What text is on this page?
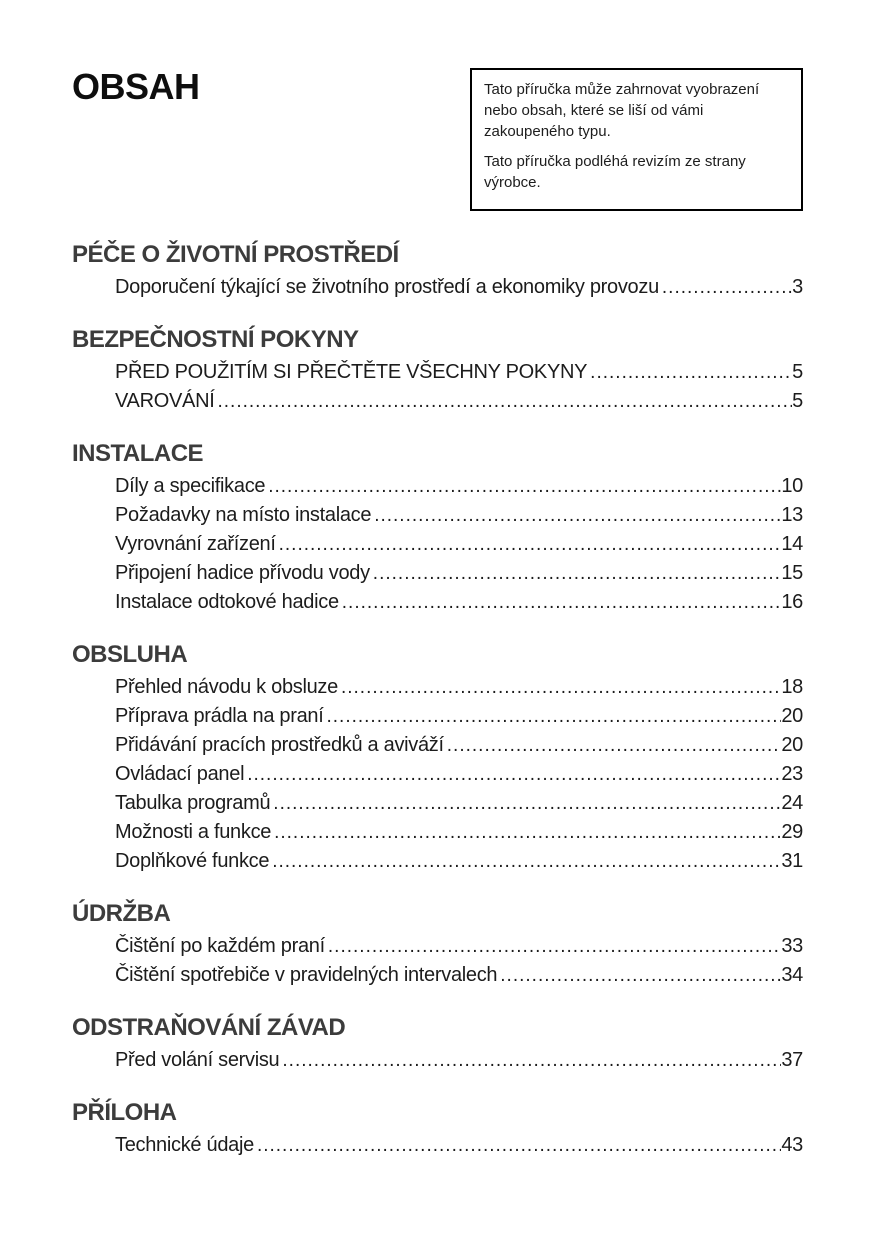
OBSAH	Tato příručka může zahrnovat vyobrazení nebo obsah, které se liší od vámi zakoupeného typu.

Tato příručka podléhá revizím ze strany výrobce.

PÉČE O ŽIVOTNÍ PROSTŘEDÍ
Doporučení týkající se životního prostředí a ekonomiky provozu .....	3
BEZPEČNOSTNÍ POKYNY
PŘED POUŽITÍM SI PŘEČTĚTE VŠECHNY POKYNY .....	5
VAROVÁNÍ .....	5
INSTALACE
Díly a specifikace .....	10
Požadavky na místo instalace .....	13
Vyrovnání zařízení .....	14
Připojení hadice přívodu vody .....	15
Instalace odtokové hadice .....	16
OBSLUHA
Přehled návodu k obsluze .....	18
Příprava prádla na praní .....	20
Přidávání pracích prostředků a aviváží .....	20
Ovládací panel .....	23
Tabulka programů .....	24
Možnosti a funkce .....	29
Doplňkové funkce .....	31
ÚDRŽBA
Čištění po každém praní .....	33
Čištění spotřebiče v pravidelných intervalech .....	34
ODSTRAŇOVÁNÍ ZÁVAD
Před volání servisu .....	37
PŘÍLOHA
Technické údaje .....	43
